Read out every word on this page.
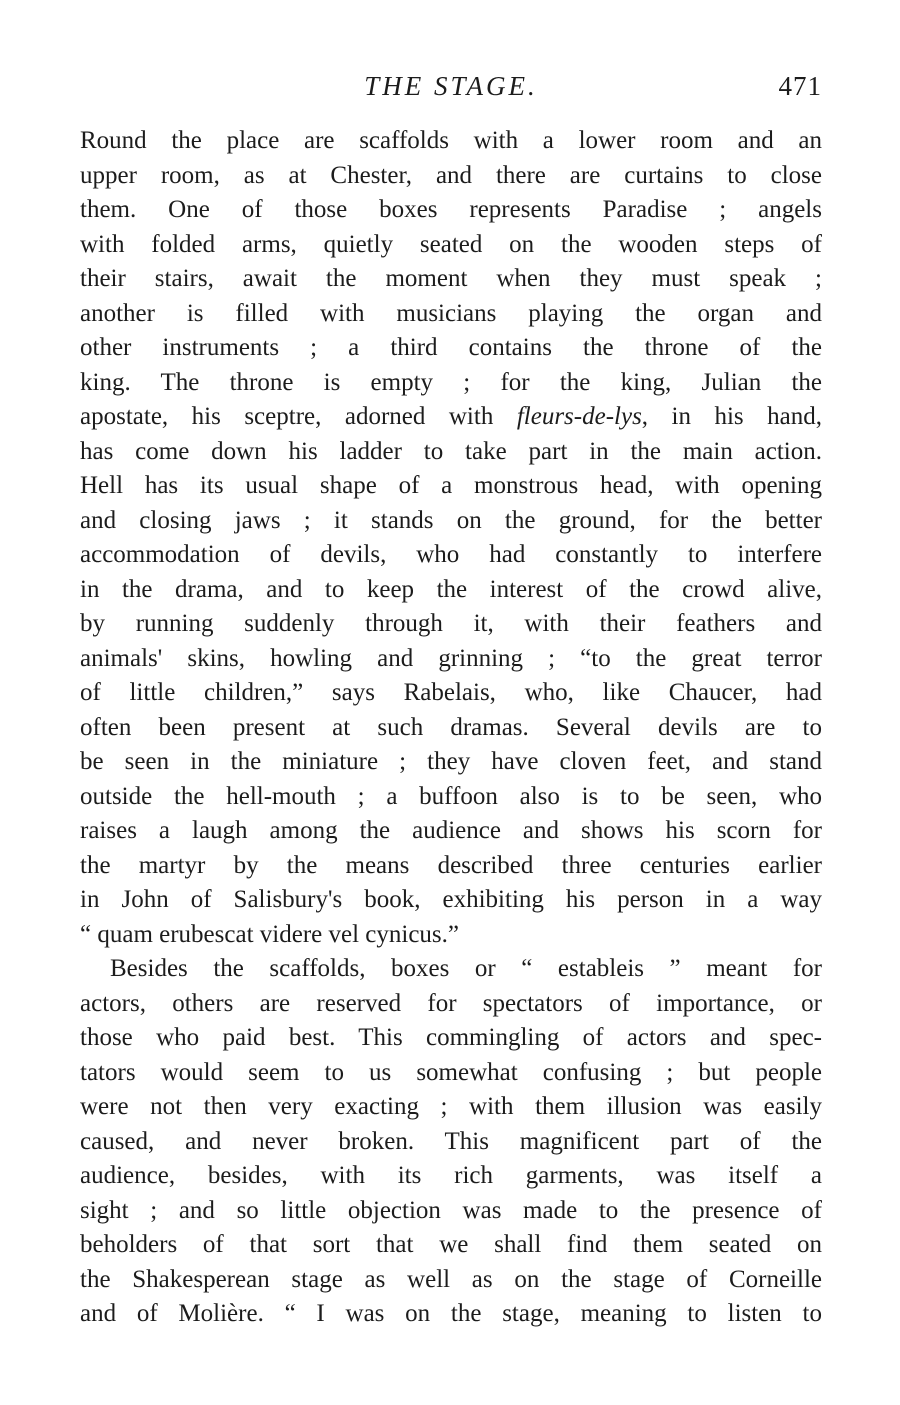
THE STAGE.	471
Round the place are scaffolds with a lower room and an
upper room, as at Chester, and there are curtains to close
them. One of those boxes represents Paradise ; angels
with folded arms, quietly seated on the wooden steps of
their stairs, await the moment when they must speak ;
another is filled with musicians playing the organ and
other instruments ; a third contains the throne of the
king. The throne is empty ; for the king, Julian the
apostate, his sceptre, adorned with fleurs-de-lys, in his hand,
has come down his ladder to take part in the main action.
Hell has its usual shape of a monstrous head, with opening
and closing jaws ; it stands on the ground, for the better
accommodation of devils, who had constantly to interfere
in the drama, and to keep the interest of the crowd alive,
by running suddenly through it, with their feathers and
animals' skins, howling and grinning ; “to the great terror
of little children,” says Rabelais, who, like Chaucer, had
often been present at such dramas. Several devils are to
be seen in the miniature ; they have cloven feet, and stand
outside the hell-mouth ; a buffoon also is to be seen, who
raises a laugh among the audience and shows his scorn for
the martyr by the means described three centuries earlier
in John of Salisbury's book, exhibiting his person in a way
“ quam erubescat videre vel cynicus.”
Besides the scaffolds, boxes or “ estableis ” meant for
actors, others are reserved for spectators of importance, or
those who paid best. This commingling of actors and spec-
tators would seem to us somewhat confusing ; but people
were not then very exacting ; with them illusion was easily
caused, and never broken. This magnificent part of the
audience, besides, with its rich garments, was itself a
sight ; and so little objection was made to the presence of
beholders of that sort that we shall find them seated on
the Shakesperean stage as well as on the stage of Corneille
and of Molière. “ I was on the stage, meaning to listen to
